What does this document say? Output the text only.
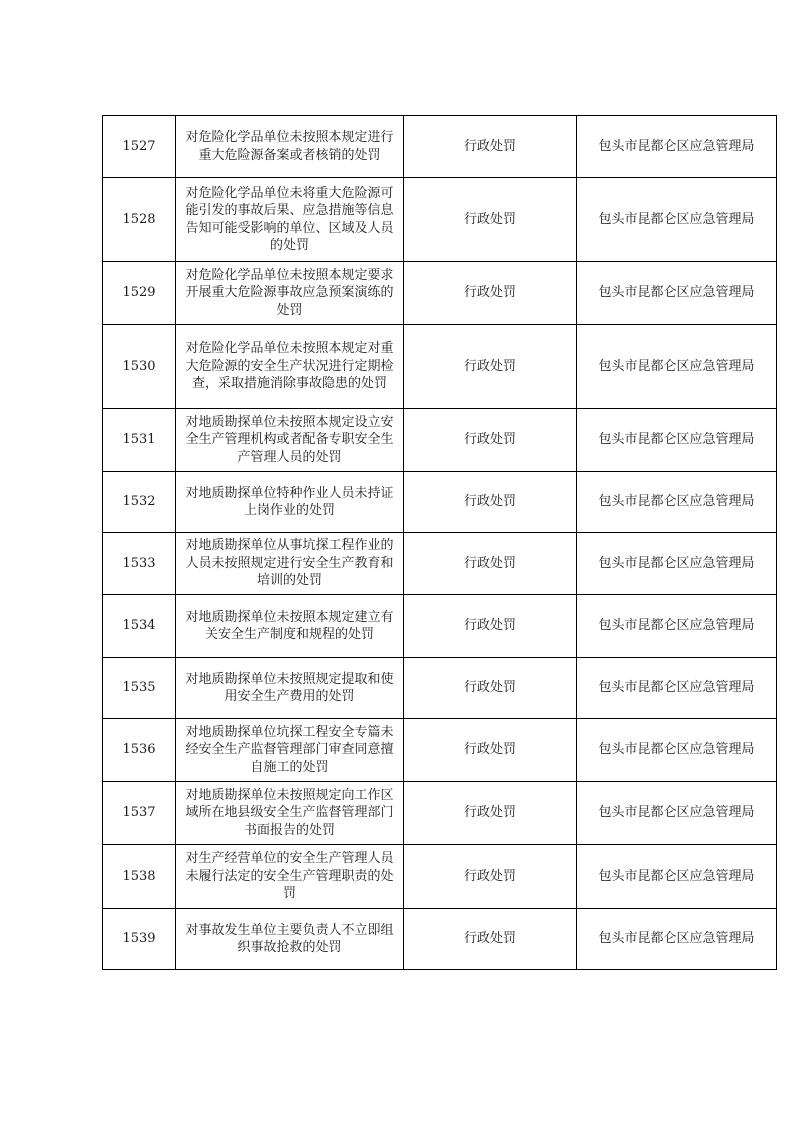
1527	对危险化学品单位未按照本规定进行重大危险源备案或者核销的处罚	行政处罚	包头市昆都仑区应急管理局
1528	对危险化学品单位未将重大危险源可能引发的事故后果、应急措施等信息告知可能受影响的单位、区域及人员的处罚	行政处罚	包头市昆都仑区应急管理局
1529	对危险化学品单位未按照本规定要求开展重大危险源事故应急预案演练的处罚	行政处罚	包头市昆都仑区应急管理局
1530	对危险化学品单位未按照本规定对重大危险源的安全生产状况进行定期检查，采取措施消除事故隐患的处罚	行政处罚	包头市昆都仑区应急管理局
1531	对地质勘探单位未按照本规定设立安全生产管理机构或者配备专职安全生产管理人员的处罚	行政处罚	包头市昆都仑区应急管理局
1532	对地质勘探单位特种作业人员未持证上岗作业的处罚	行政处罚	包头市昆都仑区应急管理局
1533	对地质勘探单位从事坑探工程作业的人员未按照规定进行安全生产教育和培训的处罚	行政处罚	包头市昆都仑区应急管理局
1534	对地质勘探单位未按照本规定建立有关安全生产制度和规程的处罚	行政处罚	包头市昆都仑区应急管理局
1535	对地质勘探单位未按照规定提取和使用安全生产费用的处罚	行政处罚	包头市昆都仑区应急管理局
1536	对地质勘探单位坑探工程安全专篇未经安全生产监督管理部门审查同意擅自施工的处罚	行政处罚	包头市昆都仑区应急管理局
1537	对地质勘探单位未按照规定向工作区域所在地县级安全生产监督管理部门书面报告的处罚	行政处罚	包头市昆都仑区应急管理局
1538	对生产经营单位的安全生产管理人员未履行法定的安全生产管理职责的处罚	行政处罚	包头市昆都仑区应急管理局
1539	对事故发生单位主要负责人不立即组织事故抢救的处罚	行政处罚	包头市昆都仑区应急管理局
